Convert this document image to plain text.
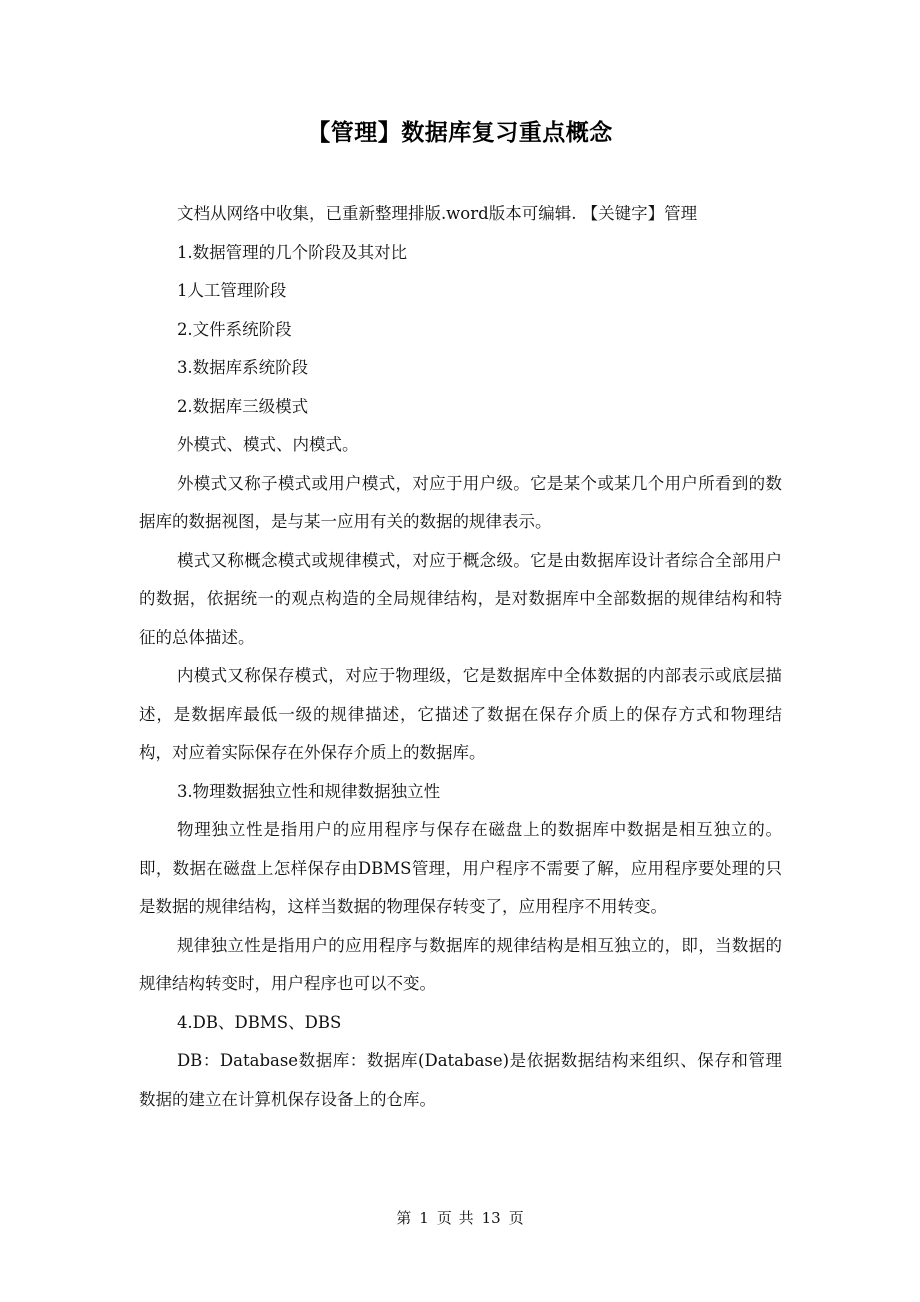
【管理】数据库复习重点概念

文档从网络中收集，已重新整理排版.word版本可编辑. 【关键字】管理

1.数据管理的几个阶段及其对比

1人工管理阶段

2.文件系统阶段

3.数据库系统阶段

2.数据库三级模式

外模式、模式、内模式。

外模式又称子模式或用户模式，对应于用户级。它是某个或某几个用户所看到的数据库的数据视图，是与某一应用有关的数据的规律表示。

模式又称概念模式或规律模式，对应于概念级。它是由数据库设计者综合全部用户的数据，依据统一的观点构造的全局规律结构，是对数据库中全部数据的规律结构和特征的总体描述。

内模式又称保存模式，对应于物理级，它是数据库中全体数据的内部表示或底层描述，是数据库最低一级的规律描述，它描述了数据在保存介质上的保存方式和物理结构，对应着实际保存在外保存介质上的数据库。

3.物理数据独立性和规律数据独立性

物理独立性是指用户的应用程序与保存在磁盘上的数据库中数据是相互独立的。即，数据在磁盘上怎样保存由DBMS管理，用户程序不需要了解，应用程序要处理的只是数据的规律结构，这样当数据的物理保存转变了，应用程序不用转变。

规律独立性是指用户的应用程序与数据库的规律结构是相互独立的，即，当数据的规律结构转变时，用户程序也可以不变。

4.DB、DBMS、DBS

DB：Database数据库：数据库(Database)是依据数据结构来组织、保存和管理数据的建立在计算机保存设备上的仓库。

第 1 页 共 13 页
